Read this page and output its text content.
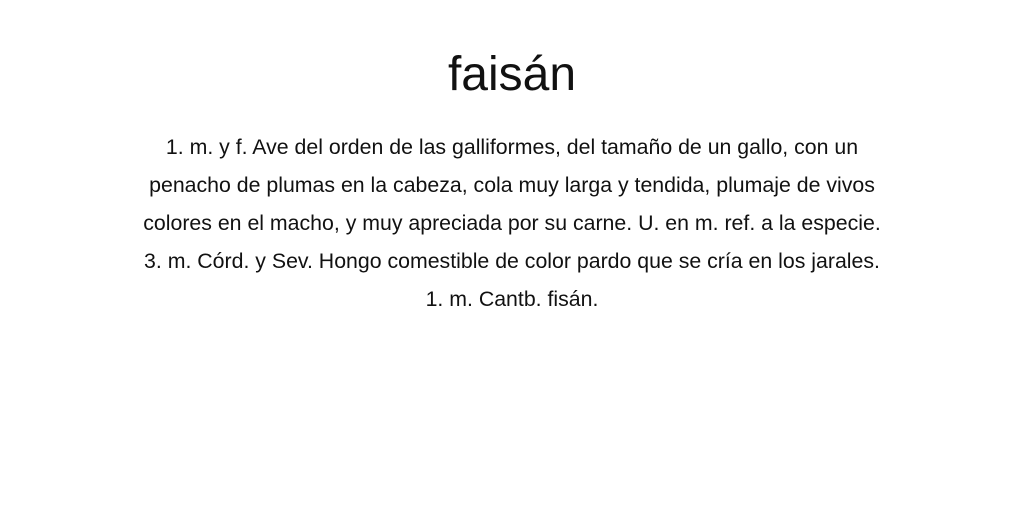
faisán
1. m. y f. Ave del orden de las galliformes, del tamaño de un gallo, con un
penacho de plumas en la cabeza, cola muy larga y tendida, plumaje de vivos
colores en el macho, y muy apreciada por su carne. U. en m. ref. a la especie.
3. m. Córd. y Sev. Hongo comestible de color pardo que se cría en los jarales.
1. m. Cantb. fisán.
